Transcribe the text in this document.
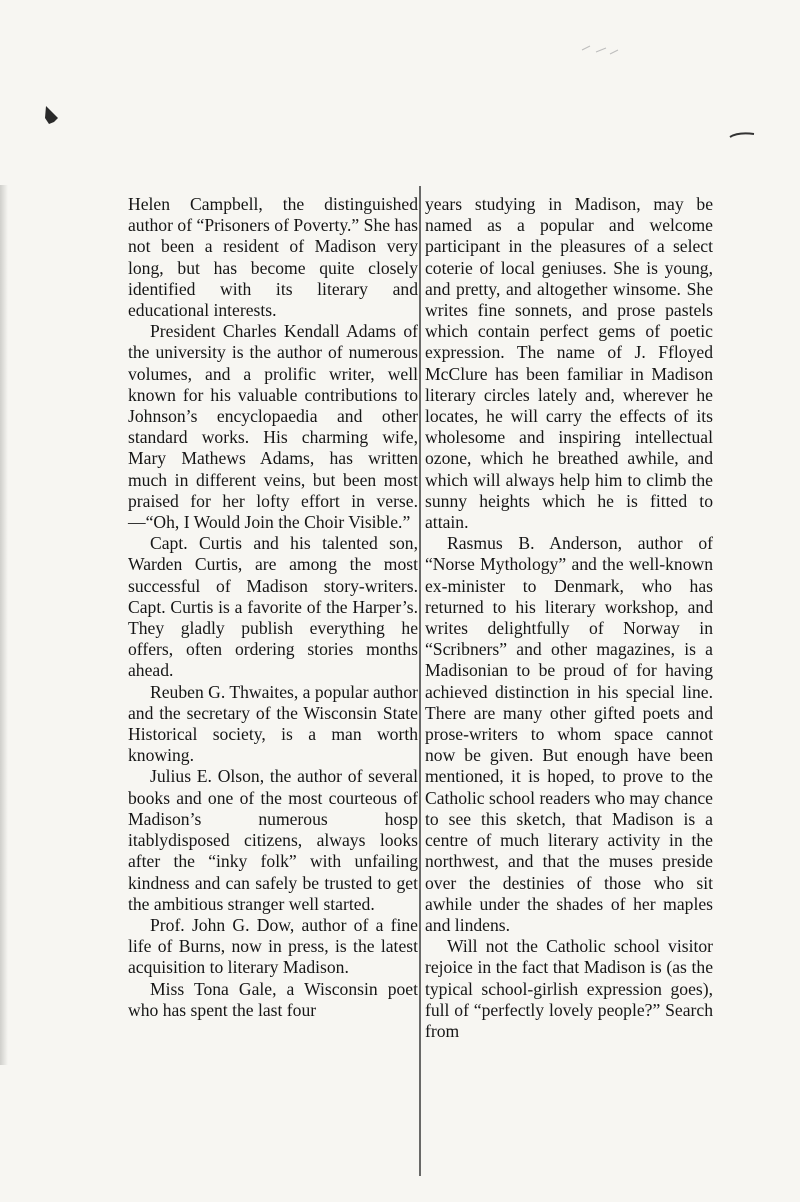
Helen Campbell, the distinguished author of “Prisoners of Poverty.” She has not been a resident of Madison very long, but has become quite closely identified with its literary and educational interests.

President Charles Kendall Adams of the university is the author of numerous volumes, and a prolific writer, well known for his valuable contributions to Johnson’s encyclopaedia and other standard works. His charming wife, Mary Mathews Adams, has written much in different veins, but been most praised for her lofty effort in verse.—“Oh, I Would Join the Choir Visible.”

Capt. Curtis and his talented son, Warden Curtis, are among the most successful of Madison story-writers. Capt. Curtis is a favorite of the Harper’s. They gladly publish everything he offers, often ordering stories months ahead.

Reuben G. Thwaites, a popular author and the secretary of the Wisconsin State Historical society, is a man worth knowing.

Julius E. Olson, the author of several books and one of the most courteous of Madison’s numerous hosp itablydisposed citizens, always looks after the “inky folk” with unfailing kindness and can safely be trusted to get the ambitious stranger well started.

Prof. John G. Dow, author of a fine life of Burns, now in press, is the latest acquisition to literary Madison.

Miss Tona Gale, a Wisconsin poet who has spent the last four

years studying in Madison, may be named as a popular and welcome participant in the pleasures of a select coterie of local geniuses. She is young, and pretty, and altogether winsome. She writes fine sonnets, and prose pastels which contain perfect gems of poetic expression. The name of J. Ffloyed McClure has been familiar in Madison literary circles lately and, wherever he locates, he will carry the effects of its wholesome and inspiring intellectual ozone, which he breathed awhile, and which will always help him to climb the sunny heights which he is fitted to attain.

Rasmus B. Anderson, author of “Norse Mythology” and the well-known ex-minister to Denmark, who has returned to his literary workshop, and writes delightfully of Norway in “Scribners” and other magazines, is a Madisonian to be proud of for having achieved distinction in his special line. There are many other gifted poets and prose-writers to whom space cannot now be given. But enough have been mentioned, it is hoped, to prove to the Catholic school readers who may chance to see this sketch, that Madison is a centre of much literary activity in the northwest, and that the muses preside over the destinies of those who sit awhile under the shades of her maples and lindens.

Will not the Catholic school visitor rejoice in the fact that Madison is (as the typical school-girlish expression goes), full of “perfectly lovely people?” Search from
